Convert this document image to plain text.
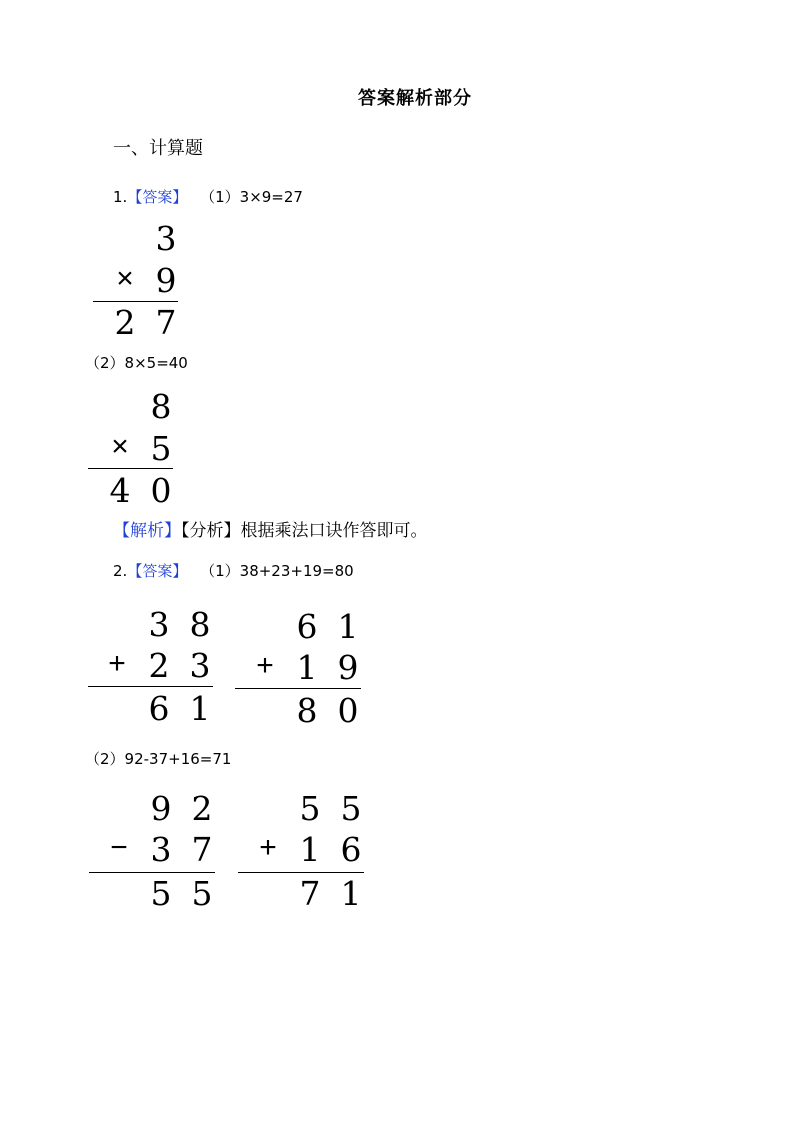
答案解析部分
一、计算题
1.【答案】 （1）3×9=27
3
× 9
2 7
（2）8×5=40
8
× 5
4 0
【解析】【分析】根据乘法口诀作答即可。
2.【答案】 （1）38+23+19=80
3 8
+ 2 3
6 1
6 1
+ 1 9
8 0
（2）92-37+16=71
9 2
− 3 7
5 5
5 5
+ 1 6
7 1
